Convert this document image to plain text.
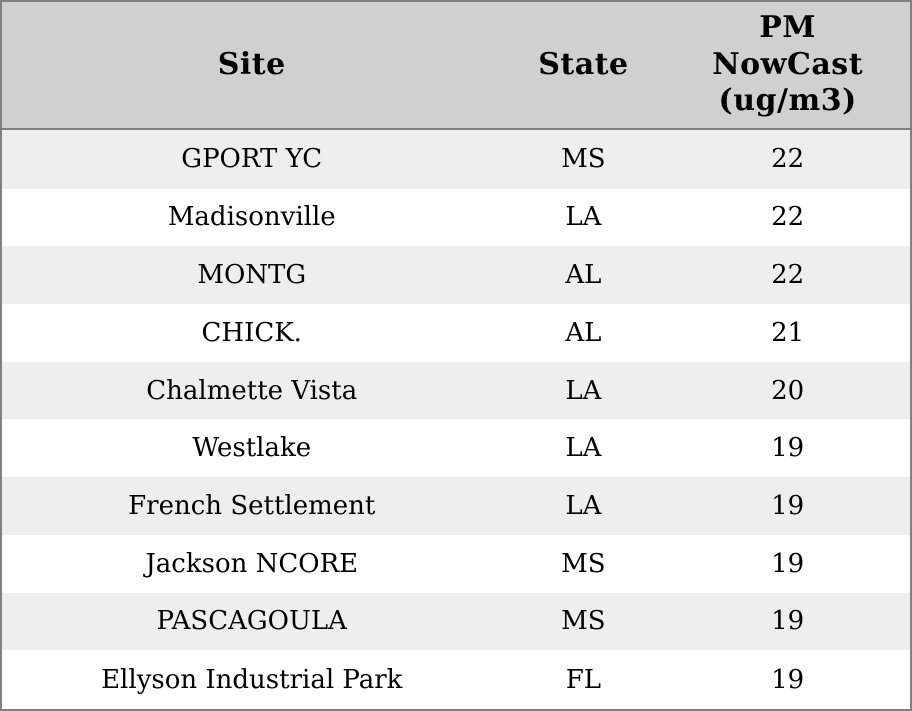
Site	State	PM
NowCast
(ug/m3)

GPORT YC	MS	22
Madisonville	LA	22
MONTG	AL	22
CHICK.	AL	21
Chalmette Vista	LA	20
Westlake	LA	19
French Settlement	LA	19
Jackson NCORE	MS	19
PASCAGOULA	MS	19
Ellyson Industrial Park	FL	19
